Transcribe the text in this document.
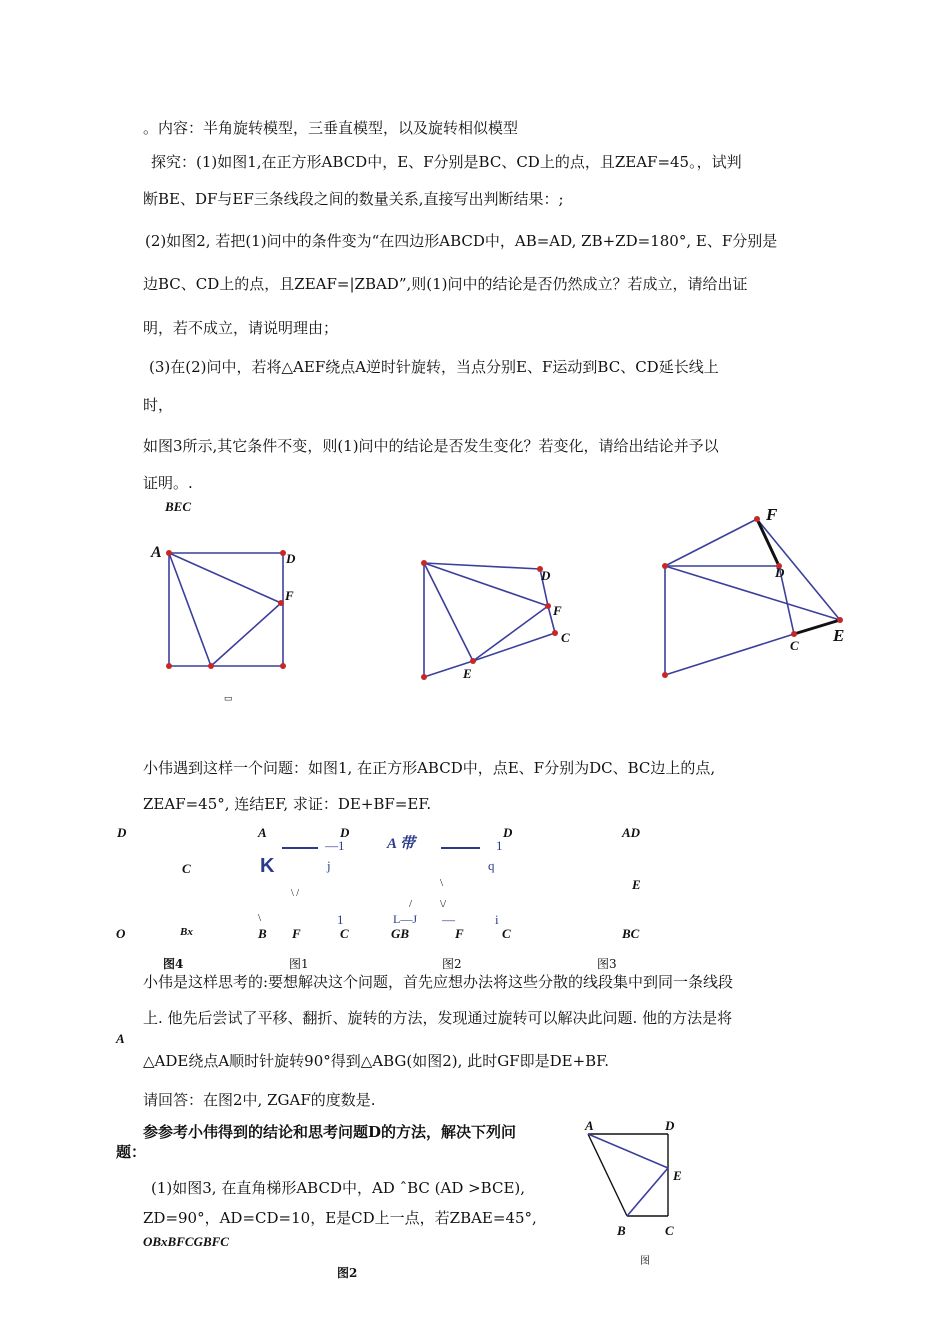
。内容：半角旋转模型，三垂直模型，以及旋转相似模型
探究：(1)如图1,在正方形ABCD中，E、F分别是BC、CD上的点，且ZEAF=45。，试判
断BE、DF与EF三条线段之间的数量关系,直接写出判断结果：;
(2)如图2, 若把(1)问中的条件变为“在四边形ABCD中，AB=AD, ZB+ZD=180°, E、F分别是
边BC、CD上的点，且ZEAF=|ZBAD”,则(1)问中的结论是否仍然成立？若成立，请给出证
明，若不成立，请说明理由；
(3)在(2)问中，若将△AEF绕点A逆时针旋转，当点分别E、F运动到BC、CD延长线上
时，
如图3所示,其它条件不变，则(1)问中的结论是否发生变化？若变化，请给出结论并予以
证明。.
BEC
A	D
F
▭
D
F
C
E
F
D
C
E
小伟遇到这样一个问题：如图1, 在正方形ABCD中，点E、F分别为DC、BC边上的点,
ZEAF=45°, 连结EF, 求证：DE+BF=EF.
D
C
O	Bx
图4
A	D
—1
j
K
\ /
\	1
B F	C
图1
A 带
D
1
q
\
/	\/
L—J —	i
GB	F	C
图2
AD
E
BC
图3
小伟是这样思考的:要想解决这个问题，首先应想办法将这些分散的线段集中到同一条线段
上. 他先后尝试了平移、翻折、旋转的方法，发现通过旋转可以解决此问题. 他的方法是将
A
△ADE绕点A顺时针旋转90°得到△ABG(如图2), 此时GF即是DE+BF.
请回答：在图2中, ZGAF的度数是.
参参考小伟得到的结论和思考问题D的方法，解决下列问
题：
(1)如图3, 在直角梯形ABCD中，AD ˆBC (AD >BCE),
ZD=90°，AD=CD=10，E是CD上一点，若ZBAE=45°,
OBxBFCGBFC
图2
A	D
E
B	C
图
